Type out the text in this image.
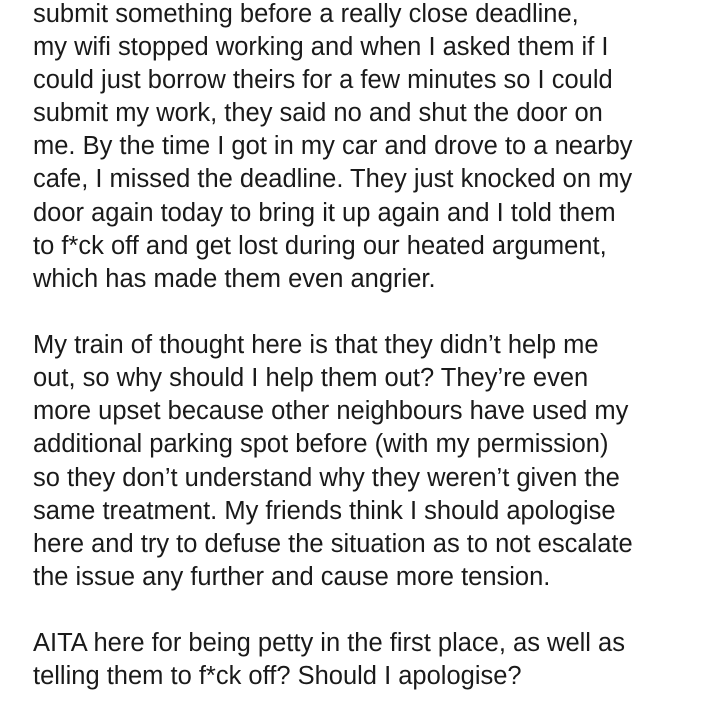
submit something before a really close deadline,
my wifi stopped working and when I asked them if I
could just borrow theirs for a few minutes so I could
submit my work, they said no and shut the door on
me. By the time I got in my car and drove to a nearby
cafe, I missed the deadline. They just knocked on my
door again today to bring it up again and I told them
to f*ck off and get lost during our heated argument,
which has made them even angrier.
My train of thought here is that they didn’t help me
out, so why should I help them out? They’re even
more upset because other neighbours have used my
additional parking spot before (with my permission)
so they don’t understand why they weren’t given the
same treatment. My friends think I should apologise
here and try to defuse the situation as to not escalate
the issue any further and cause more tension.
AITA here for being petty in the first place, as well as
telling them to f*ck off? Should I apologise?
